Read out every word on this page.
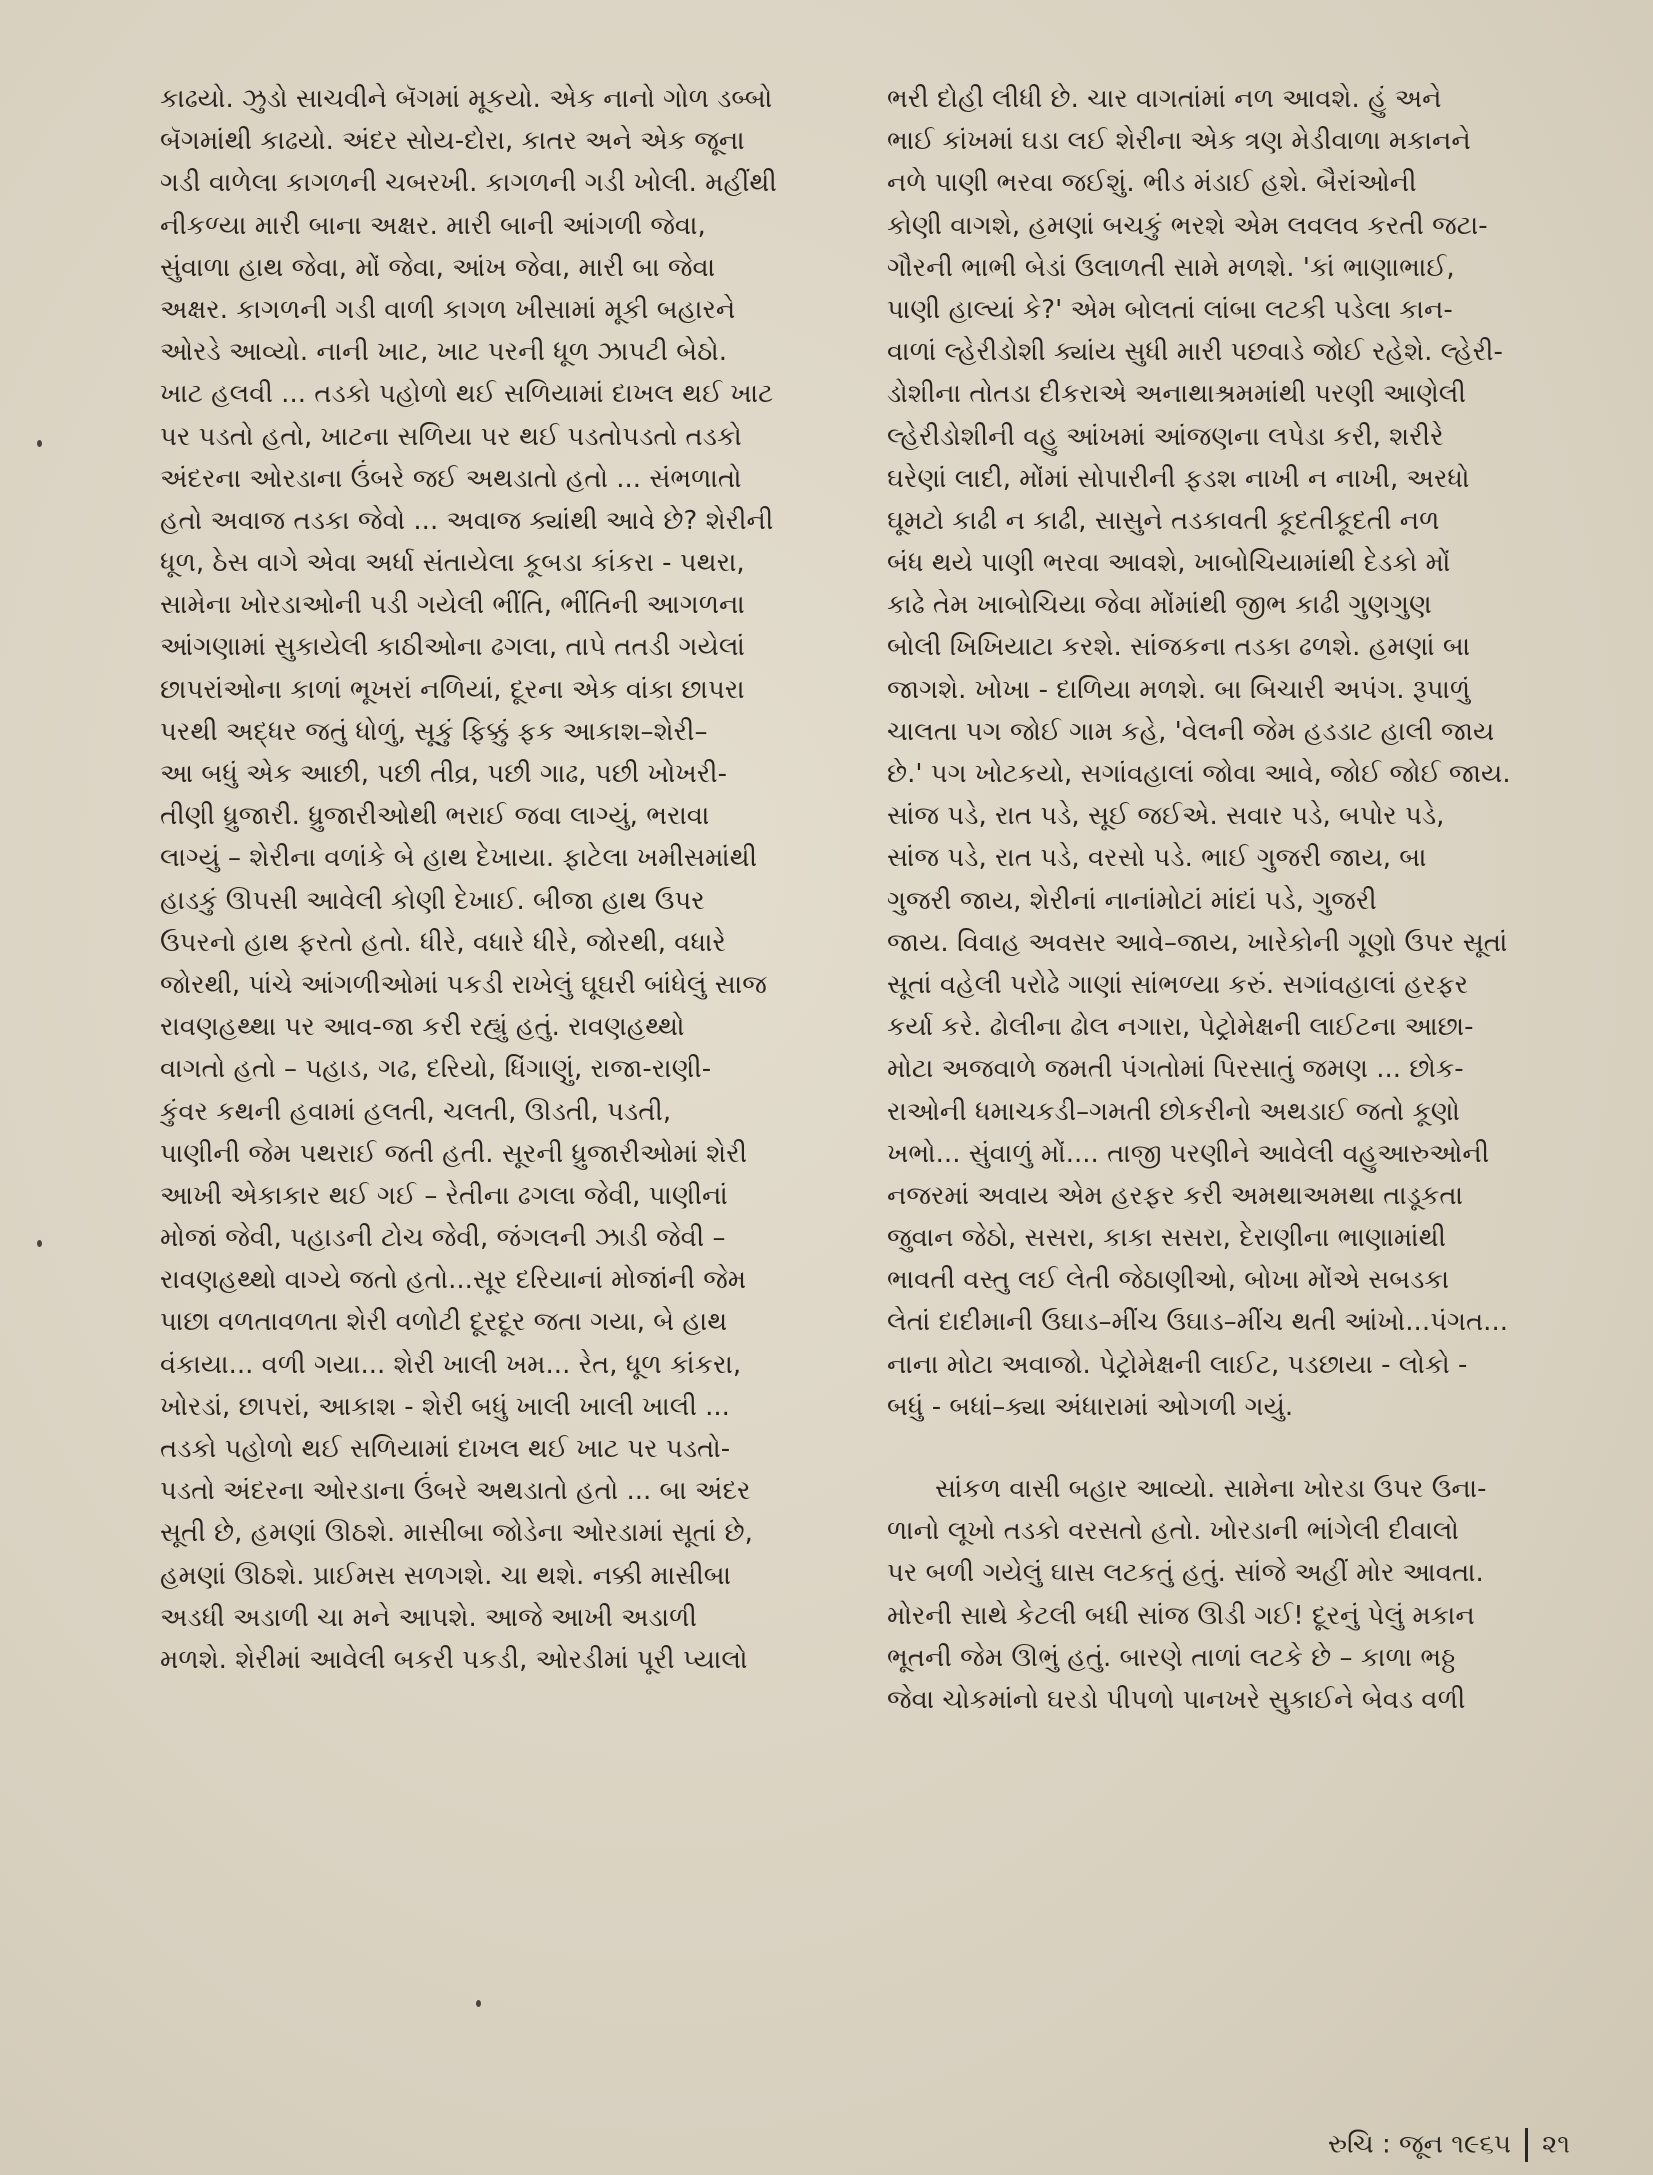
કાઢયો. ઝુડો સાચવીને બૅગમાં મૂકયો. એક નાનો ગોળ ડબ્બો
બૅગમાંથી કાઢયો. અંદર સોય-દોરા, કાતર અને એક જૂના
ગડી વાળેલા કાગળની ચબરખી. કાગળની ગડી ખોલી. મહીંથી
નીકળ્યા મારી બાના અક્ષર. મારી બાની આંગળી જેવા,
સુંવાળા હાથ જેવા, મોં જેવા, આંખ જેવા, મારી બા જેવા
અક્ષર. કાગળની ગડી વાળી કાગળ ખીસામાં મૂકી બહારને
ઓરડે આવ્યો. નાની ખાટ, ખાટ પરની ધૂળ ઝાપટી બેઠો.
ખાટ હલવી ... તડકો પહોળો થઈ સળિયામાં દાખલ થઈ ખાટ
પર પડતો હતો, ખાટના સળિયા પર થઈ પડતોપડતો તડકો
અંદરના ઓરડાના ઉંબરે જઈ અથડાતો હતો ... સંભળાતો
હતો અવાજ તડકા જેવો ... અવાજ ક્યાંથી આવે છે? શેરીની
ધૂળ, ઠેસ વાગે એવા અર્ધા સંતાયેલા કૂબડા કાંકરા - પથરા,
સામેના ખોરડાઓની પડી ગયેલી ભીંતિ, ભીંતિની આગળના
આંગણામાં સુકાયેલી કાઠીઓના ઢગલા, તાપે તતડી ગયેલાં
છાપરાંઓના કાળાં ભૂખરાં નળિયાં, દૂરના એક વાંકા છાપરા
પરથી અદ્ધર જતું ધોળું, સૂકું ફિક્કું ફક આકાશ–શેરી–
આ બધું એક આછી, પછી તીવ્ર, પછી ગાઢ, પછી ખોખરી-
તીણી ધ્રુજારી. ધ્રુજારીઓથી ભરાઈ જવા લાગ્યું, ભરાવા
લાગ્યું – શેરીના વળાંકે બે હાથ દેખાયા. ફાટેલા ખમીસમાંથી
હાડકું ઊપસી આવેલી કોણી દેખાઈ. બીજા હાથ ઉપર
ઉપરનો હાથ ફરતો હતો. ધીરે, વધારે ધીરે, જોરથી, વધારે
જોરથી, પાંચે આંગળીઓમાં પકડી રાખેલું ઘૂઘરી બાંધેલું સાજ
રાવણહથ્થા પર આવ-જા કરી રહ્યું હતું. રાવણહથ્થો
વાગતો હતો – પહાડ, ગઢ, દરિયો, ધિંગાણું, રાજા-રાણી-
કુંવર કથની હવામાં હલતી, ચલતી, ઊડતી, પડતી,
પાણીની જેમ પથરાઈ જતી હતી. સૂરની ધ્રુજારીઓમાં શેરી
આખી એકાકાર થઈ ગઈ – રેતીના ઢગલા જેવી, પાણીનાં
મોજાં જેવી, પહાડની ટોચ જેવી, જંગલની ઝાડી જેવી –
રાવણહથ્થો વાગ્યે જતો હતો...સૂર દરિયાનાં મોજાંની જેમ
પાછા વળતાવળતા શેરી વળોટી દૂરદૂર જતા ગયા, બે હાથ
વંકાયા... વળી ગયા... શેરી ખાલી ખમ... રેત, ધૂળ કાંકરા,
ખોરડાં, છાપરાં, આકાશ - શેરી બધું ખાલી ખાલી ખાલી ...
તડકો પહોળો થઈ સળિયામાં દાખલ થઈ ખાટ પર પડતો-
પડતો અંદરના ઓરડાના ઉંબરે અથડાતો હતો ... બા અંદર
સૂતી છે, હમણાં ઊઠશે. માસીબા જોડેના ઓરડામાં સૂતાં છે,
હમણાં ઊઠશે. પ્રાઈમસ સળગશે. ચા થશે. નક્કી માસીબા
અડધી અડાળી ચા મને આપશે. આજે આખી અડાળી
મળશે. શેરીમાં આવેલી બકરી પકડી, ઓરડીમાં પૂરી પ્યાલો
ભરી દોહી લીધી છે. ચાર વાગતાંમાં નળ આવશે. હું અને
ભાઈ કાંખમાં ઘડા લઈ શેરીના એક ત્રણ મેડીવાળા મકાનને
નળે પાણી ભરવા જઈશું. ભીડ મંડાઈ હશે. બૈરાંઓની
કોણી વાગશે, હમણાં બચકું ભરશે એમ લવલવ કરતી જટા-
ગૌરની ભાભી બેડાં ઉલાળતી સામે મળશે. 'કાં ભાણાભાઈ,
પાણી હાલ્યાં કે?' એમ બોલતાં લાંબા લટકી પડેલા કાન-
વાળાં લ્હેરીડોશી ક્યાંય સુધી મારી પછવાડે જોઈ રહેશે. લ્હેરી-
ડોશીના તોતડા દીકરાએ અનાથાશ્રમમાંથી પરણી આણેલી
લ્હેરીડોશીની વહુ આંખમાં આંજણના લપેડા કરી, શરીરે
ઘરેણાં લાદી, મોંમાં સોપારીની ફડશ નાખી ન નાખી, અરધો
ઘૂમટો કાઢી ન કાઢી, સાસુને તડકાવતી કૂદતીકૂદતી નળ
બંધ થયે પાણી ભરવા આવશે, ખાબોચિયામાંથી દેડકો મોં
કાઢે તેમ ખાબોચિયા જેવા મોંમાંથી જીભ કાઢી ગુણગુણ
બોલી ખિખિયાટા કરશે. સાંજકના તડકા ઢળશે. હમણાં બા
જાગશે. ખોખા - દાળિયા મળશે. બા બિચારી અપંગ. રૂપાળું
ચાલતા પગ જોઈ ગામ કહે, 'વેલની જેમ હડડાટ હાલી જાય
છે.' પગ ખોટકયો, સગાંવહાલાં જોવા આવે, જોઈ જોઈ જાય.
સાંજ પડે, રાત પડે, સૂઈ જઈએ. સવાર પડે, બપોર પડે,
સાંજ પડે, રાત પડે, વરસો પડે. ભાઈ ગુજરી જાય, બા
ગુજરી જાય, શેરીનાં નાનાંમોટાં માંદાં પડે, ગુજરી
જાય. વિવાહ અવસર આવે–જાય, ખારેકોની ગૂણો ઉપર સૂતાં
સૂતાં વહેલી પરોઢે ગાણાં સાંભળ્યા કરું. સગાંવહાલાં હરફર
કર્યા કરે. ઢોલીના ઢોલ નગારા, પેટ્રોમેક્ષની લાઈટના આછા-
મોટા અજવાળે જમતી પંગતોમાં પિરસાતું જમણ ... છોક-
રાઓની ધમાચકડી–ગમતી છોકરીનો અથડાઈ જતો કૂણો
ખભો... સુંવાળું મોં.... તાજી પરણીને આવેલી વહુઆરુઓની
નજરમાં અવાય એમ હરફર કરી અમથાઅમથા તાડૂકતા
જુવાન જેઠો, સસરા, કાકા સસરા, દેરાણીના ભાણામાંથી
ભાવતી વસ્તુ લઈ લેતી જેઠાણીઓ, બોખા મોંએ સબડકા
લેતાં દાદીમાની ઉઘાડ–મીંચ ઉઘાડ–મીંચ થતી આંખો...પંગત...
નાના મોટા અવાજો. પેટ્રોમેક્ષની લાઈટ, પડછાયા - લોકો -
બધું - બધાં–ક્યા અંધારામાં ઓગળી ગયું.
સાંકળ વાસી બહાર આવ્યો. સામેના ખોરડા ઉપર ઉના-
ળાનો લૂખો તડકો વરસતો હતો. ખોરડાની ભાંગેલી દીવાલો
પર બળી ગયેલું ઘાસ લટકતું હતું. સાંજે અહીં મોર આવતા.
મોરની સાથે કેટલી બધી સાંજ ઊડી ગઈ! દૂરનું પેલું મકાન
ભૂતની જેમ ઊભું હતું. બારણે તાળાં લટકે છે – કાળા ભઠ્ઠ
જેવા ચોકમાંનો ઘરડો પીપળો પાનખરે સુકાઈને બેવડ વળી
રુચિ : જૂન ૧૯૬૫ ૨૧
